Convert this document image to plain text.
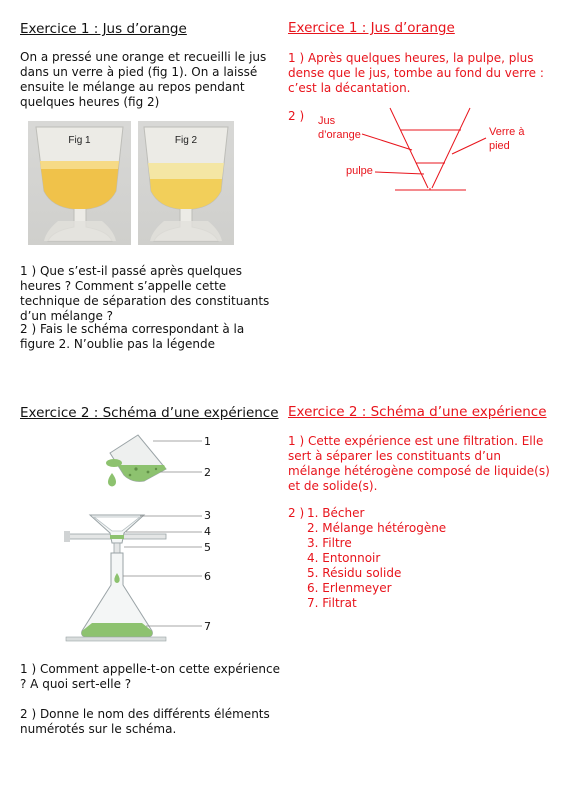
Exercice 1 : Jus d’orange
On a pressé une orange et recueilli le jus dans un verre à pied (fig 1). On a laissé ensuite le mélange au repos pendant quelques heures (fig 2)
Fig 1	Fig 2
1 ) Que s’est-il passé après quelques heures ? Comment s’appelle cette technique de séparation des constituants d’un mélange ?
2 ) Fais le schéma correspondant à la figure 2. N’oublie pas la légende
Exercice 1 : Jus d’orange
1 ) Après quelques heures, la pulpe, plus dense que le jus, tombe au fond du verre : c’est la décantation.
2 ) Jus
d’orange	Verre à
pied
pulpe
Exercice 2 : Schéma d’une expérience
1
2
3
4
5
6
7
1 ) Comment appelle-t-on cette expérience ? A quoi sert-elle ?
2 ) Donne le nom des différents éléments numérotés sur le schéma.
Exercice 2 : Schéma d’une expérience
1 ) Cette expérience est une filtration. Elle sert à séparer les constituants d’un mélange hétérogène composé de liquide(s) et de solide(s).
2 ) 1. Bécher
2. Mélange hétérogène
3. Filtre
4. Entonnoir
5. Résidu solide
6. Erlenmeyer
7. Filtrat
